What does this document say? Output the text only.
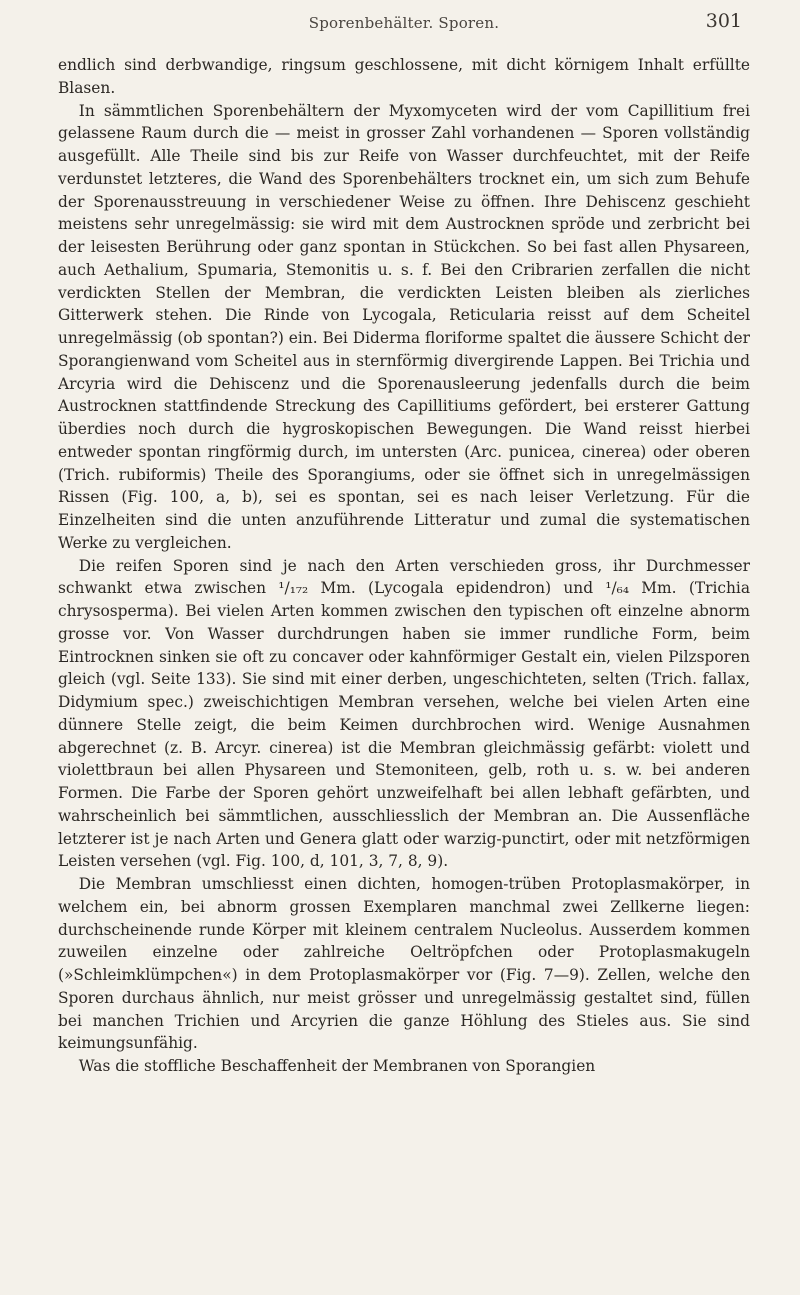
Sporenbehälter. Sporen.	301

endlich sind derbwandige, ringsum geschlossene, mit dicht körnigem Inhalt erfüllte Blasen.

In sämmtlichen Sporenbehältern der Myxomyceten wird der vom Capillitium frei gelassene Raum durch die — meist in grosser Zahl vorhandenen — Sporen vollständig ausgefüllt. Alle Theile sind bis zur Reife von Wasser durchfeuchtet, mit der Reife verdunstet letzteres, die Wand des Sporenbehälters trocknet ein, um sich zum Behufe der Sporenausstreuung in verschiedener Weise zu öffnen. Ihre Dehiscenz geschieht meistens sehr unregelmässig: sie wird mit dem Austrocknen spröde und zerbricht bei der leisesten Berührung oder ganz spontan in Stückchen. So bei fast allen Physareen, auch Aethalium, Spumaria, Stemonitis u. s. f. Bei den Cribrarien zerfallen die nicht verdickten Stellen der Membran, die verdickten Leisten bleiben als zierliches Gitterwerk stehen. Die Rinde von Lycogala, Reticularia reisst auf dem Scheitel unregelmässig (ob spontan?) ein. Bei Diderma floriforme spaltet die äussere Schicht der Sporangienwand vom Scheitel aus in sternförmig divergirende Lappen. Bei Trichia und Arcyria wird die Dehiscenz und die Sporenausleerung jedenfalls durch die beim Austrocknen stattfindende Streckung des Capillitiums gefördert, bei ersterer Gattung überdies noch durch die hygroskopischen Bewegungen. Die Wand reisst hierbei entweder spontan ringförmig durch, im untersten (Arc. punicea, cinerea) oder oberen (Trich. rubiformis) Theile des Sporangiums, oder sie öffnet sich in unregelmässigen Rissen (Fig. 100, a, b), sei es spontan, sei es nach leiser Verletzung. Für die Einzelheiten sind die unten anzuführende Litteratur und zumal die systematischen Werke zu vergleichen.

Die reifen Sporen sind je nach den Arten verschieden gross, ihr Durchmesser schwankt etwa zwischen ¹/₁₇₂ Mm. (Lycogala epidendron) und ¹/₆₄ Mm. (Trichia chrysosperma). Bei vielen Arten kommen zwischen den typischen oft einzelne abnorm grosse vor. Von Wasser durchdrungen haben sie immer rundliche Form, beim Eintrocknen sinken sie oft zu concaver oder kahnförmiger Gestalt ein, vielen Pilzsporen gleich (vgl. Seite 133). Sie sind mit einer derben, ungeschichteten, selten (Trich. fallax, Didymium spec.) zweischichtigen Membran versehen, welche bei vielen Arten eine dünnere Stelle zeigt, die beim Keimen durchbrochen wird. Wenige Ausnahmen abgerechnet (z. B. Arcyr. cinerea) ist die Membran gleichmässig gefärbt: violett und violettbraun bei allen Physareen und Stemoniteen, gelb, roth u. s. w. bei anderen Formen. Die Farbe der Sporen gehört unzweifelhaft bei allen lebhaft gefärbten, und wahrscheinlich bei sämmtlichen, ausschliesslich der Membran an. Die Aussenfläche letzterer ist je nach Arten und Genera glatt oder warzig-punctirt, oder mit netzförmigen Leisten versehen (vgl. Fig. 100, d, 101, 3, 7, 8, 9).

Die Membran umschliesst einen dichten, homogen-trüben Protoplasmakörper, in welchem ein, bei abnorm grossen Exemplaren manchmal zwei Zellkerne liegen: durchscheinende runde Körper mit kleinem centralem Nucleolus. Ausserdem kommen zuweilen einzelne oder zahlreiche Oeltröpfchen oder Protoplasmakugeln (»Schleimklümpchen«) in dem Protoplasmakörper vor (Fig. 7—9). Zellen, welche den Sporen durchaus ähnlich, nur meist grösser und unregelmässig gestaltet sind, füllen bei manchen Trichien und Arcyrien die ganze Höhlung des Stieles aus. Sie sind keimungsunfähig.

Was die stoffliche Beschaffenheit der Membranen von Sporangien
